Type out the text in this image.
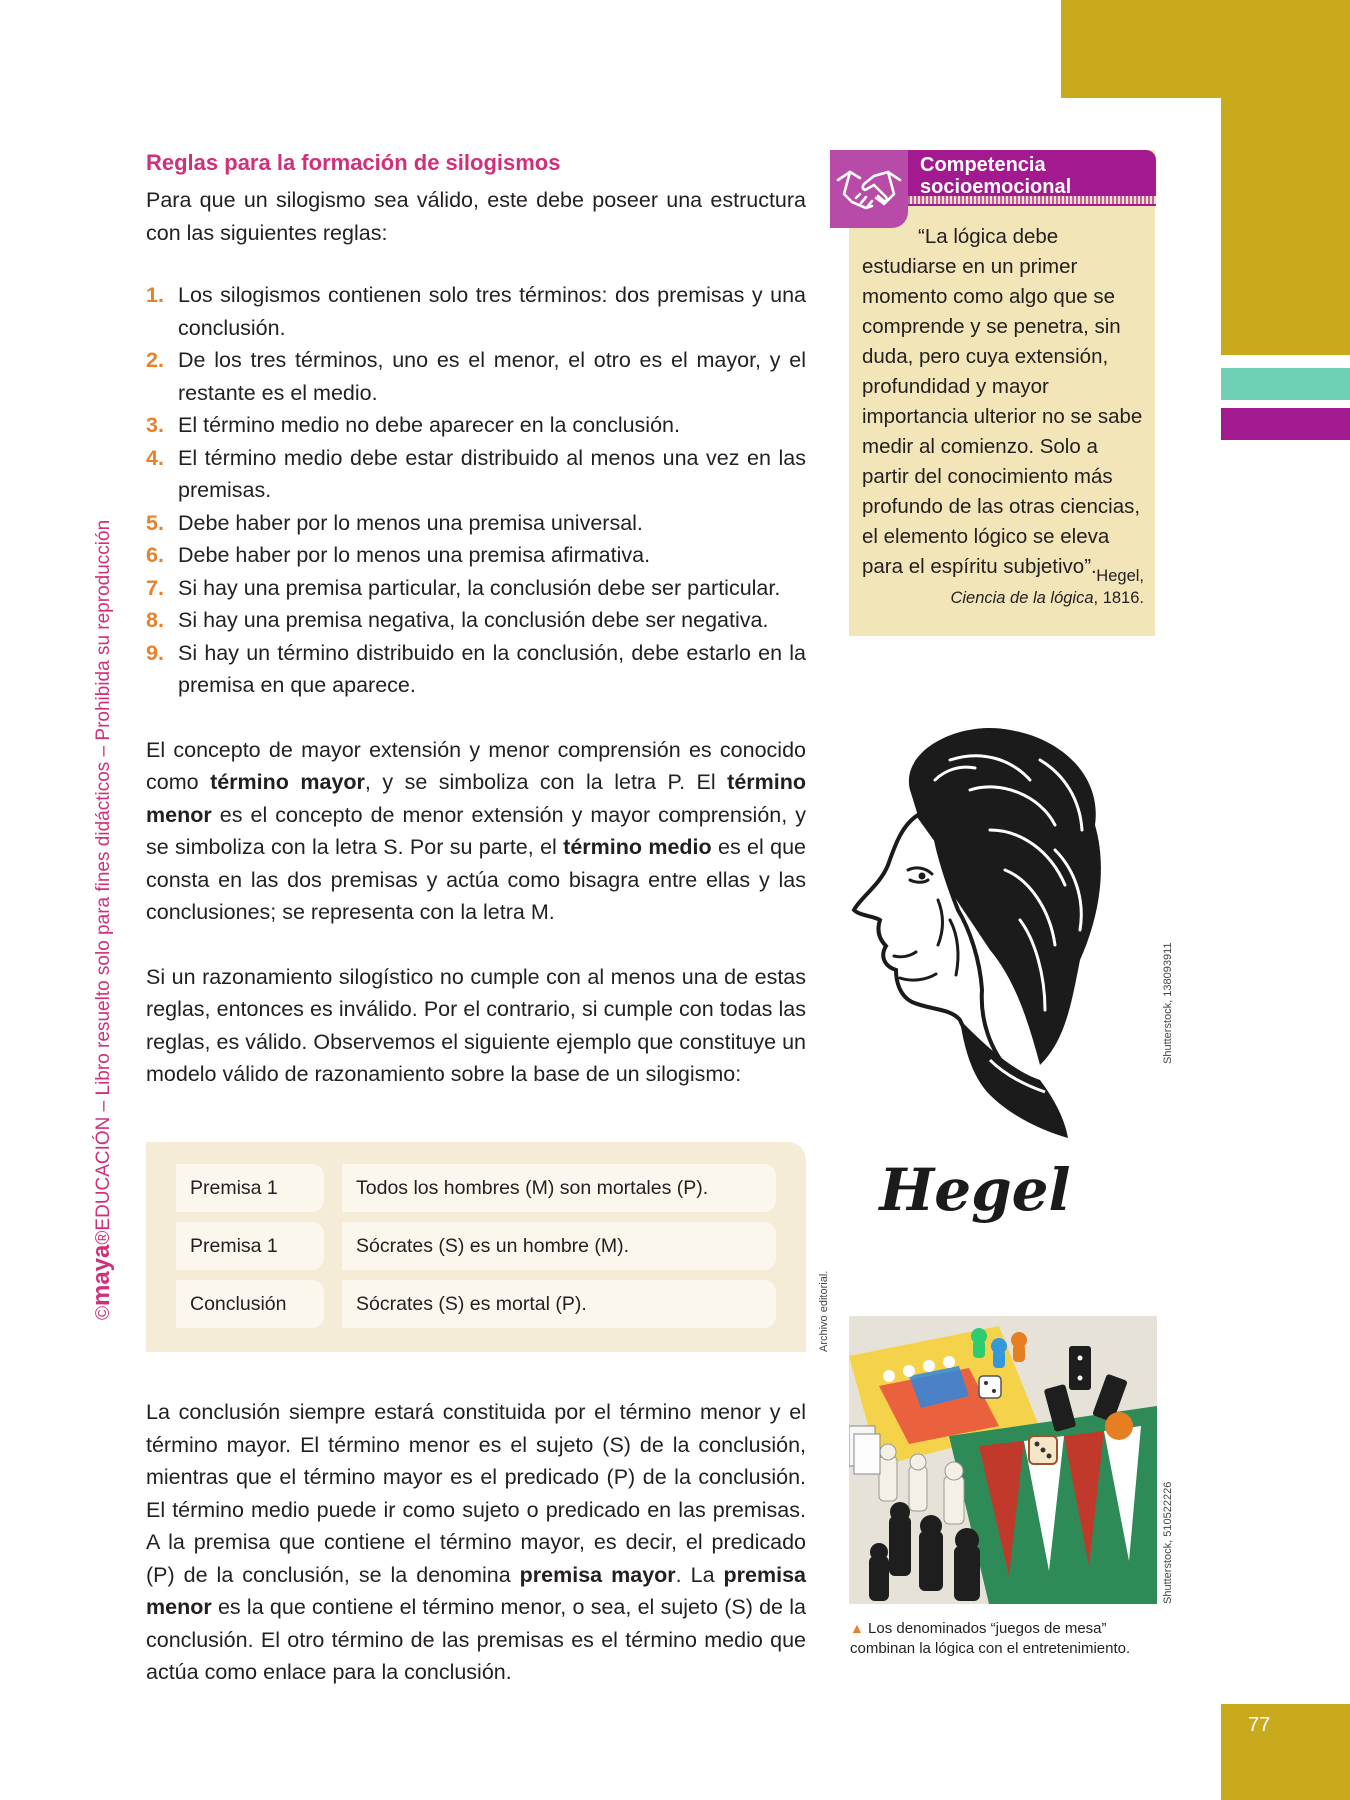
77
©maya®EDUCACIÓN – Libro resuelto solo para fines didácticos – Prohibida su reproducción
Reglas para la formación de silogismos

Para que un silogismo sea válido, este debe poseer una estructura con las siguientes reglas:

1. Los silogismos contienen solo tres términos: dos premisas y una conclusión.
2. De los tres términos, uno es el menor, el otro es el mayor, y el restante es el medio.
3. El término medio no debe aparecer en la conclusión.
4. El término medio debe estar distribuido al menos una vez en las premisas.
5. Debe haber por lo menos una premisa universal.
6. Debe haber por lo menos una premisa afirmativa.
7. Si hay una premisa particular, la conclusión debe ser particular.
8. Si hay una premisa negativa, la conclusión debe ser negativa.
9. Si hay un término distribuido en la conclusión, debe estarlo en la premisa en que aparece.

El concepto de mayor extensión y menor comprensión es conocido como término mayor, y se simboliza con la letra P. El término menor es el concepto de menor extensión y mayor comprensión, y se simboliza con la letra S. Por su parte, el término medio es el que consta en las dos premisas y actúa como bisagra entre ellas y las conclusiones; se representa con la letra M.

Si un razonamiento silogístico no cumple con al menos una de estas reglas, entonces es inválido. Por el contrario, si cumple con todas las reglas, es válido. Observemos el siguiente ejemplo que constituye un modelo válido de razonamiento sobre la base de un silogismo:

Premisa 1	Todos los hombres (M) son mortales (P).
Premisa 1	Sócrates (S) es un hombre (M).
Conclusión	Sócrates (S) es mortal (P).	Archivo editorial.

La conclusión siempre estará constituida por el término menor y el término mayor. El término menor es el sujeto (S) de la conclusión, mientras que el término mayor es el predicado (P) de la conclusión. El término medio puede ir como sujeto o predicado en las premisas. A la premisa que contiene el término mayor, es decir, el predicado (P) de la conclusión, se la denomina premisa mayor. La premisa menor es la que contiene el término menor, o sea, el sujeto (S) de la conclusión. El otro término de las premisas es el término medio que actúa como enlace para la conclusión.

Competencia
socioemocional
“La lógica debe estudiarse en un primer momento como algo que se comprende y se penetra, sin duda, pero cuya extensión, profundidad y mayor importancia ulterior no se sabe medir al comienzo. Solo a partir del conocimiento más profundo de las otras ciencias, el elemento lógico se eleva para el espíritu subjetivo”. Hegel,
Ciencia de la lógica, 1816.
Hegel
Shutterstock, 138093911
Shutterstock, 510522226
▲ Los denominados “juegos de mesa” combinan la lógica con el entretenimiento.
